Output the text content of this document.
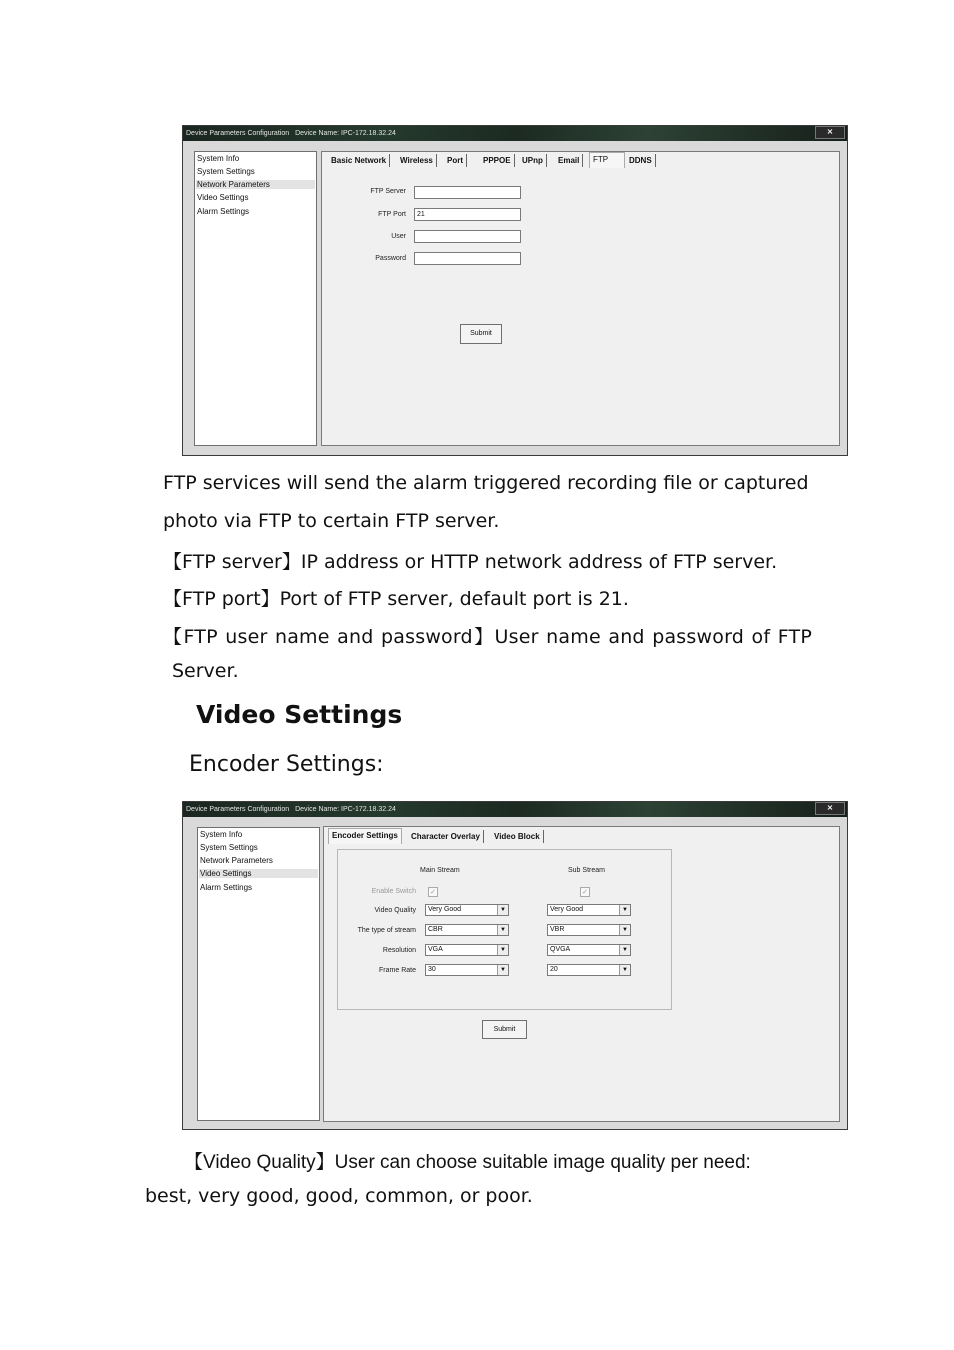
Device Parameters Configuration Device Name: IPC-172.18.32.24	×
System Info
System Settings
Network Parameters
Video Settings
Alarm Settings
Basic Network	Wireless	Port	PPPOE	UPnp	Email	FTP	DDNS
FTP Server
FTP Port	21
User
Password
Submit
FTP services will send the alarm triggered recording file or captured
photo via FTP to certain FTP server.
【FTP server】IP address or HTTP network address of FTP server.
【FTP port】Port of FTP server, default port is 21.
【FTP user name and password】User name and password of FTP
Server.
Video Settings
Encoder Settings:
Device Parameters Configuration Device Name: IPC-172.18.32.24	×
System Info
System Settings
Network Parameters
Video Settings
Alarm Settings
Encoder Settings	Character Overlay	Video Block
Main Stream	Sub Stream
Enable Switch ✓	✓
Video Quality	Very Good	▼	Very Good	▼
The type of stream	CBR	▼	VBR	▼
Resolution	VGA	▼	QVGA	▼
Frame Rate	30	▼	20	▼
Submit
【Video Quality】User can choose suitable image quality per need:
best, very good, good, common, or poor.
